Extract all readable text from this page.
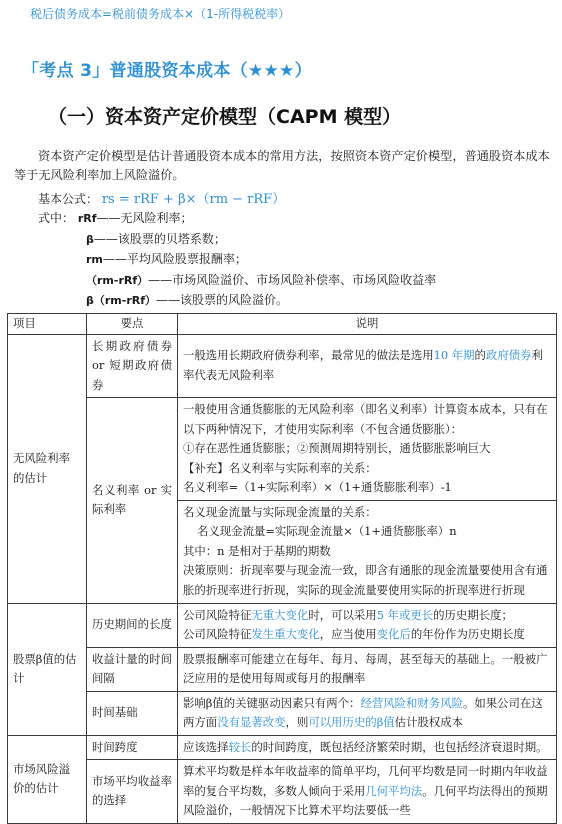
税后债务成本=税前债务成本×（1-所得税税率）
「考点 3」普通股资本成本（★★★）
（一）资本资产定价模型（CAPM 模型）
资本资产定价模型是估计普通股资本成本的常用方法，按照资本资产定价模型，普通股资本成本等于无风险利率加上风险溢价。
基本公式： rs = rRF + β×（rm − rRF）
式中： rRf——无风险利率；
β——该股票的贝塔系数；
rm——平均风险股票报酬率；
（rm-rRf）——市场风险溢价、市场风险补偿率、市场风险收益率
β（rm-rRf）——该股票的风险溢价。
项目	要点	说明
无风险利率的估计	长期政府债券 or 短期政府债券	一般选用长期政府债券利率，最常见的做法是选用10 年期的政府债券利率代表无风险利率
	名义利率 or 实际利率	一般使用含通货膨胀的无风险利率（即名义利率）计算资本成本，只有在以下两种情况下，才使用实际利率（不包含通货膨胀）：
①存在恶性通货膨胀；②预测周期特别长，通货膨胀影响巨大
【补充】名义利率与实际利率的关系：
名义利率=（1+实际利率）×（1+通货膨胀利率）-1

		名义现金流量与实际现金流量的关系：
名义现金流量=实际现金流量×（1+通货膨胀率）n
其中：n 是相对于基期的期数
决策原则：折现率要与现金流一致，即含有通胀的现金流量要使用含有通胀的折现率进行折现，实际的现金流量要使用实际的折现率进行折现

股票β值的估计	历史期间的长度	公司风险特征无重大变化时，可以采用5 年或更长的历史期长度；
公司风险特征发生重大变化，应当使用变化后的年份作为历史期长度

	收益计量的时间间隔	股票报酬率可能建立在每年、每月、每周，甚至每天的基础上。一般被广泛应用的是使用每周或每月的报酬率
	时间基础	影响β值的关键驱动因素只有两个：经营风险和财务风险。如果公司在这两方面没有显著改变，则可以用历史的β值估计股权成本
市场风险溢价的估计	时间跨度	应该选择较长的时间跨度，既包括经济繁荣时期，也包括经济衰退时期。
	市场平均收益率的选择	算术平均数是样本年收益率的简单平均，几何平均数是同一时期内年收益率的复合平均数，多数人倾向于采用几何平均法。几何平均法得出的预期风险溢价，一般情况下比算术平均法要低一些
